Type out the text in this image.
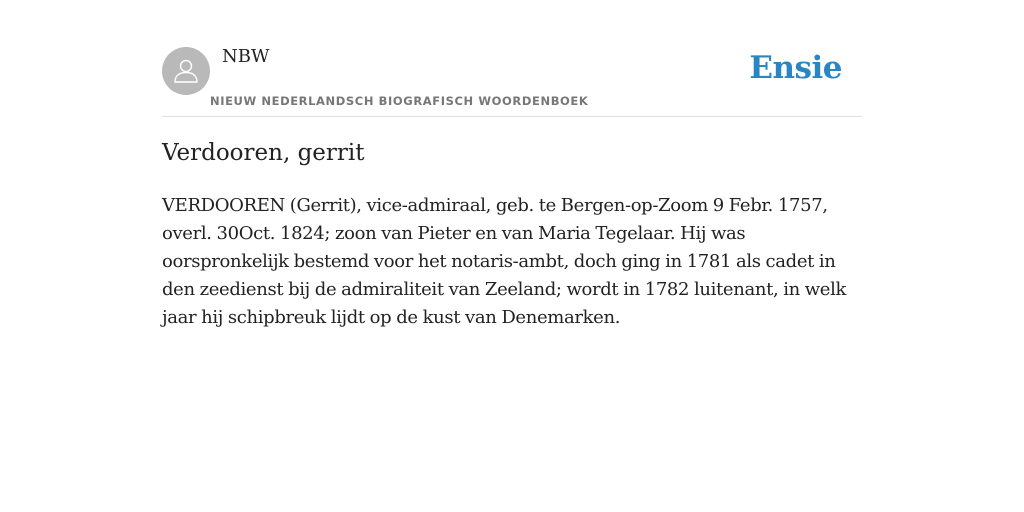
NBW
NIEUW NEDERLANDSCH BIOGRAFISCH WOORDENBOEK
Ensie
Verdooren, gerrit

VERDOOREN (Gerrit), vice-admiraal, geb. te Bergen-op-Zoom 9 Febr. 1757, overl. 30Oct. 1824; zoon van Pieter en van Maria Tegelaar. Hij was oorspronkelijk bestemd voor het notaris-ambt, doch ging in 1781 als cadet in den zeedienst bij de admiraliteit van Zeeland; wordt in 1782 luitenant, in welk jaar hij schipbreuk lijdt op de kust van Denemarken.
